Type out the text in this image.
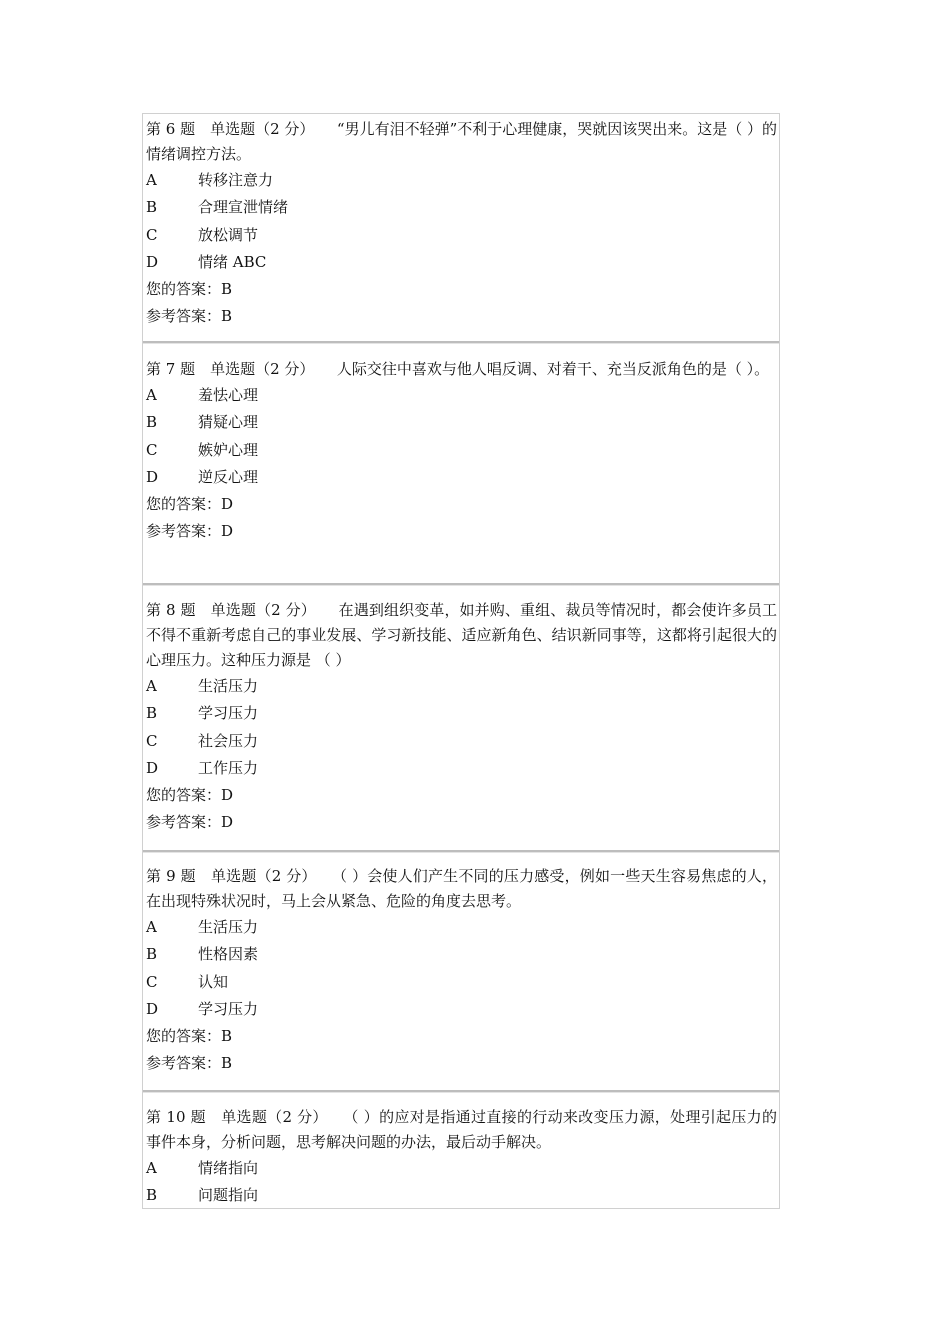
第 6 题　单选题（2 分）　　“男儿有泪不轻弹”不利于心理健康，哭就因该哭出来。这是（ ）的情绪调控方法。

A	转移注意力
B	合理宣泄情绪
C	放松调节
D	情绪 ABC
您的答案：B
参考答案：B

第 7 题　单选题（2 分）　　人际交往中喜欢与他人唱反调、对着干、充当反派角色的是（ ）。

A	羞怯心理
B	猜疑心理
C	嫉妒心理
D	逆反心理
您的答案：D
参考答案：D

第 8 题　单选题（2 分）　　在遇到组织变革，如并购、重组、裁员等情况时，都会使许多员工不得不重新考虑自己的事业发展、学习新技能、适应新角色、结识新同事等，这都将引起很大的心理压力。这种压力源是 （ ）

A	生活压力
B	学习压力
C	社会压力
D	工作压力
您的答案：D
参考答案：D

第 9 题　单选题（2 分）　　（ ）会使人们产生不同的压力感受，例如一些天生容易焦虑的人，在出现特殊状况时，马上会从紧急、危险的角度去思考。

A	生活压力
B	性格因素
C	认知
D	学习压力
您的答案：B
参考答案：B

第 10 题　单选题（2 分）　　（ ）的应对是指通过直接的行动来改变压力源，处理引起压力的事件本身，分析问题，思考解决问题的办法，最后动手解决。

A	情绪指向
B	问题指向
